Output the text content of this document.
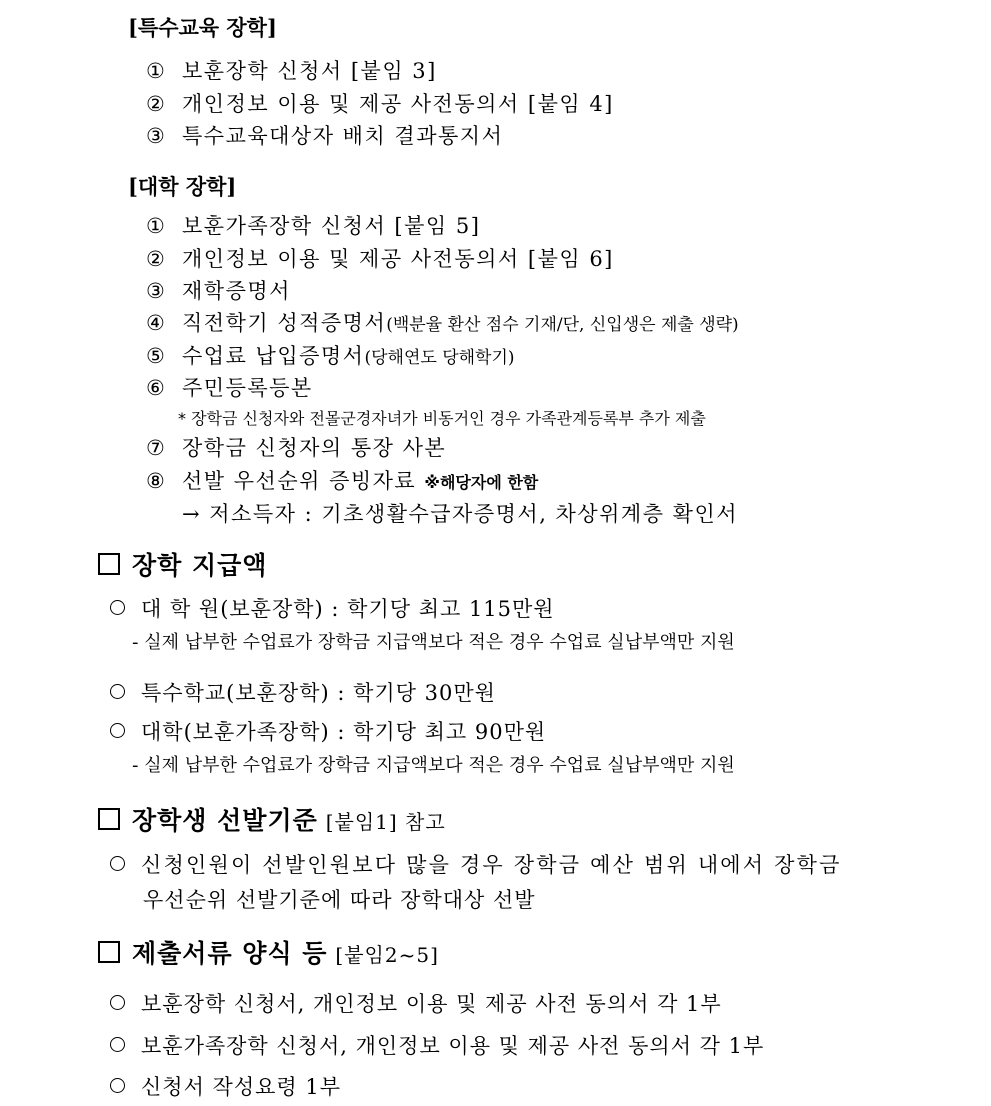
[특수교육 장학]
① 보훈장학 신청서 [붙임 3]
② 개인정보 이용 및 제공 사전동의서 [붙임 4]
③ 특수교육대상자 배치 결과통지서
[대학 장학]
① 보훈가족장학 신청서 [붙임 5]
② 개인정보 이용 및 제공 사전동의서 [붙임 6]
③ 재학증명서
④ 직전학기 성적증명서(백분율 환산 점수 기재/단, 신입생은 제출 생략)
⑤ 수업료 납입증명서(당해연도 당해학기)
⑥ 주민등록등본
* 장학금 신청자와 전몰군경자녀가 비동거인 경우 가족관계등록부 추가 제출
⑦ 장학금 신청자의 통장 사본
⑧ 선발 우선순위 증빙자료 ※해당자에 한함
→ 저소득자 : 기초생활수급자증명서, 차상위계층 확인서
장학 지급액
대 학 원(보훈장학) : 학기당 최고 115만원
- 실제 납부한 수업료가 장학금 지급액보다 적은 경우 수업료 실납부액만 지원
특수학교(보훈장학) : 학기당 30만원
대학(보훈가족장학) : 학기당 최고 90만원
- 실제 납부한 수업료가 장학금 지급액보다 적은 경우 수업료 실납부액만 지원
장학생 선발기준 [붙임1] 참고
신청인원이 선발인원보다 많을 경우 장학금 예산 범위 내에서 장학금
우선순위 선발기준에 따라 장학대상 선발
제출서류 양식 등 [붙임2~5]
보훈장학 신청서, 개인정보 이용 및 제공 사전 동의서 각 1부
보훈가족장학 신청서, 개인정보 이용 및 제공 사전 동의서 각 1부
신청서 작성요령 1부
